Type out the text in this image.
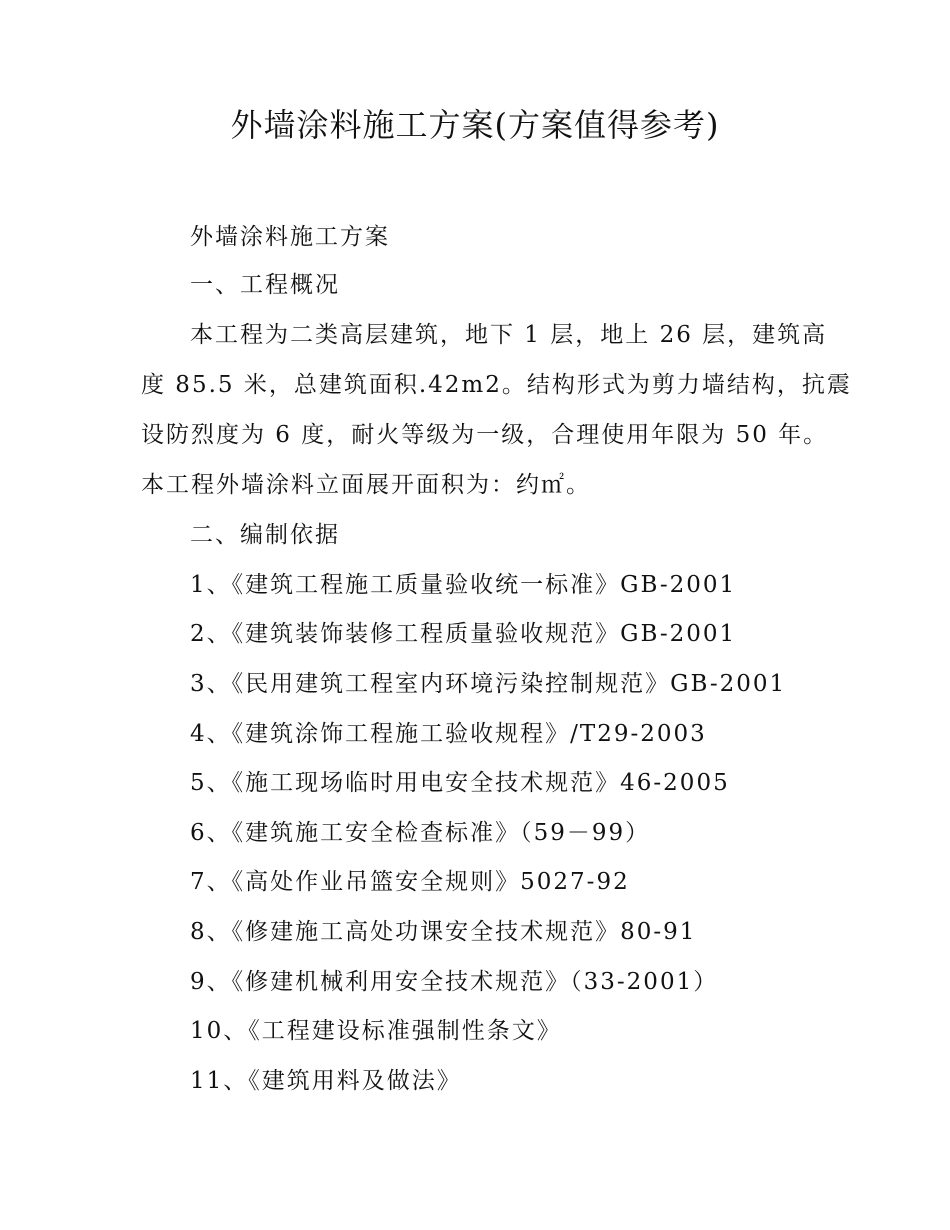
外墙涂料施工方案(方案值得参考)
外墙涂料施工方案
一、工程概况
本工程为二类高层建筑，地下 1 层，地上 26 层，建筑高
度 85.5 米，总建筑面积.42m2。结构形式为剪力墙结构，抗震
设防烈度为 6 度，耐火等级为一级，合理使用年限为 50 年。
本工程外墙涂料立面展开面积为：约㎡。
二、编制依据
1、《建筑工程施工质量验收统一标准》GB-2001
2、《建筑装饰装修工程质量验收规范》GB-2001
3、《民用建筑工程室内环境污染控制规范》GB-2001
4、《建筑涂饰工程施工验收规程》/T29-2003
5、《施工现场临时用电安全技术规范》46-2005
6、《建筑施工安全检查标准》（59－99）
7、《高处作业吊篮安全规则》5027-92
8、《修建施工高处功课安全技术规范》80-91
9、《修建机械利用安全技术规范》（33-2001）
10、《工程建设标准强制性条文》
11、《建筑用料及做法》
